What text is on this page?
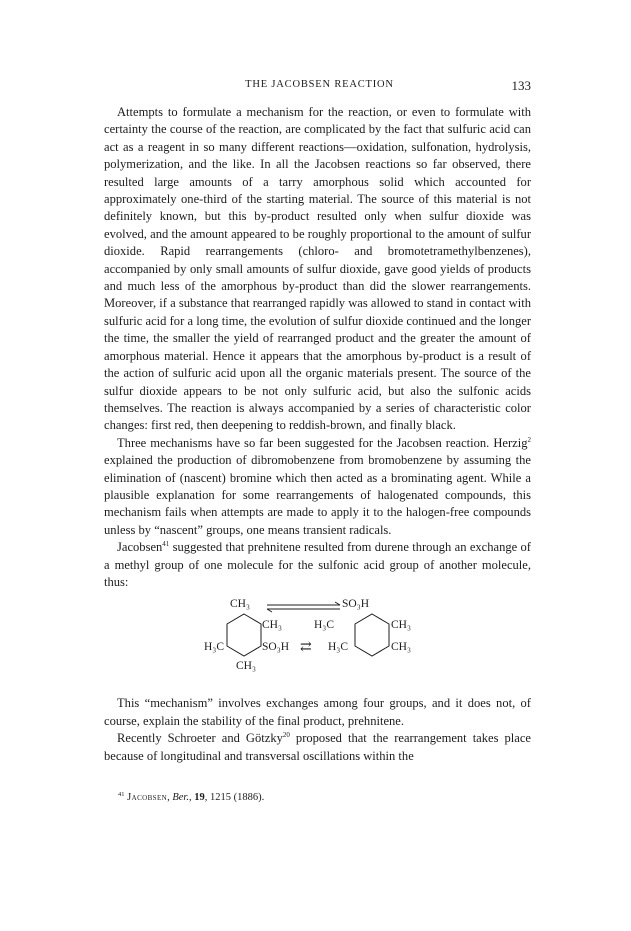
THE JACOBSEN REACTION	133

Attempts to formulate a mechanism for the reaction, or even to formulate with certainty the course of the reaction, are complicated by the fact that sulfuric acid can act as a reagent in so many different reactions—oxidation, sulfonation, hydrolysis, polymerization, and the like. In all the Jacobsen reactions so far observed, there resulted large amounts of a tarry amorphous solid which accounted for approximately one-third of the starting material. The source of this material is not definitely known, but this by-product resulted only when sulfur dioxide was evolved, and the amount appeared to be roughly proportional to the amount of sulfur dioxide. Rapid rearrangements (chloro- and bromotetramethylbenzenes), accompanied by only small amounts of sulfur dioxide, gave good yields of products and much less of the amorphous by-product than did the slower rearrangements. Moreover, if a substance that rearranged rapidly was allowed to stand in contact with sulfuric acid for a long time, the evolution of sulfur dioxide continued and the longer the time, the smaller the yield of rearranged product and the greater the amount of amorphous material. Hence it appears that the amorphous by-product is a result of the action of sulfuric acid upon all the organic materials present. The source of the sulfur dioxide appears to be not only sulfuric acid, but also the sulfonic acids themselves. The reaction is always accompanied by a series of characteristic color changes: first red, then deepening to reddish-brown, and finally black.

Three mechanisms have so far been suggested for the Jacobsen reaction. Herzig$^2$ explained the production of dibromobenzene from bromobenzene by assuming the elimination of (nascent) bromine which then acted as a brominating agent. While a plausible explanation for some rearrangements of halogenated compounds, this mechanism fails when attempts are made to apply it to the halogen-free compounds unless by “nascent” groups, one means transient radicals.

Jacobsen$^{41}$ suggested that prehnitene resulted from durene through an exchange of a methyl group of one molecule for the sulfonic acid group of another molecule, thus:

CH₃	SO₃H
CH₃
H₃C	SO₃H
CH₃
H₃C	CH₃
H₃C	CH₃
⇄

This “mechanism” involves exchanges among four groups, and it does not, of course, explain the stability of the final product, prehnitene.

Recently Schroeter and Götzky$^{20}$ proposed that the rearrangement takes place because of longitudinal and transversal oscillations within the

$^{41}$ Jacobsen, Ber., 19, 1215 (1886).
